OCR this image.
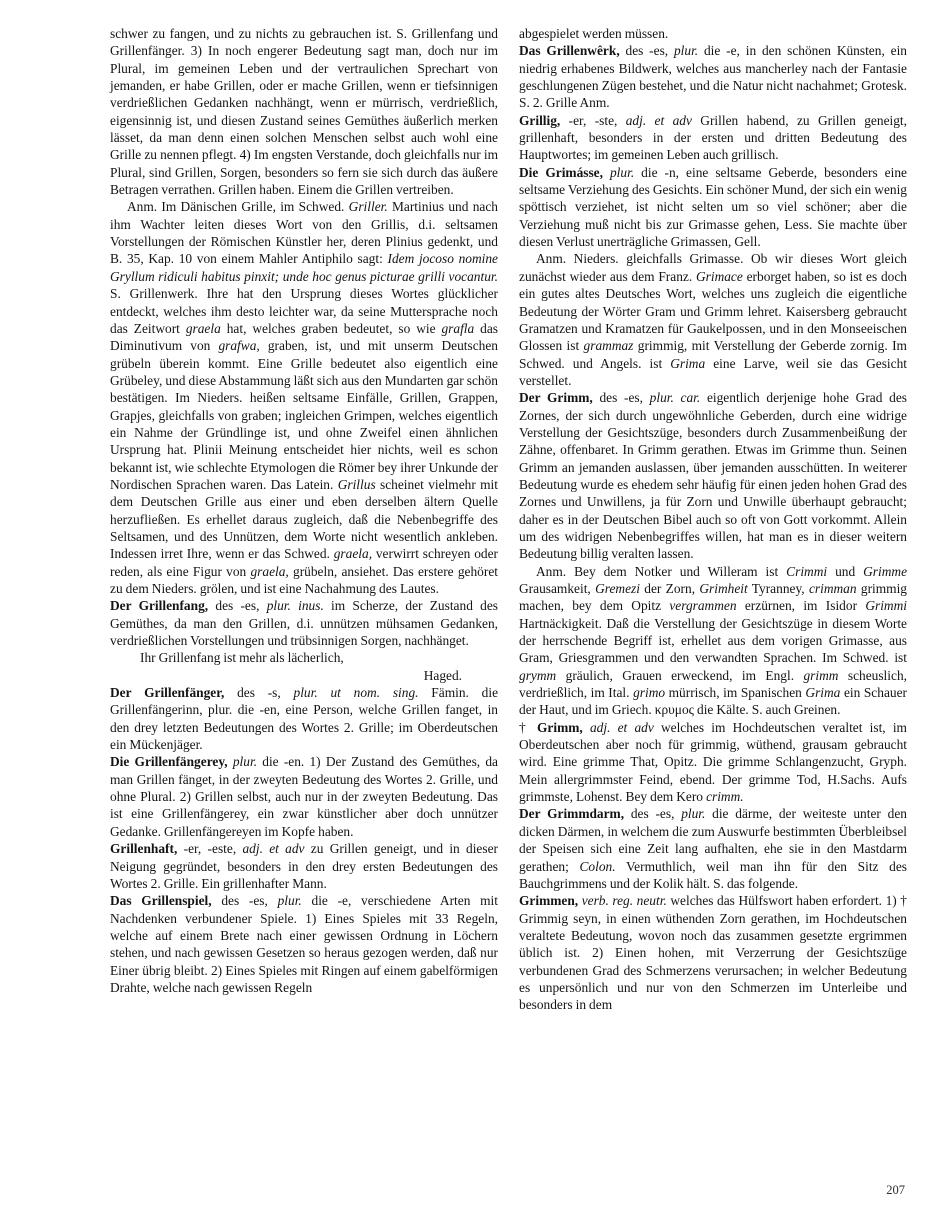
schwer zu fangen, und zu nichts zu gebrauchen ist. S. Grillenfang und Grillenfänger. 3) In noch engerer Bedeutung sagt man, doch nur im Plural, im gemeinen Leben und der vertraulichen Sprechart von jemanden, er habe Grillen, oder er mache Grillen, wenn er tiefsinnigen verdrießlichen Gedanken nachhängt, wenn er mürrisch, verdrießlich, eigensinnig ist, und diesen Zustand seines Gemüthes äußerlich merken lässet, da man denn einen solchen Menschen selbst auch wohl eine Grille zu nennen pflegt. 4) Im engsten Verstande, doch gleichfalls nur im Plural, sind Grillen, Sorgen, besonders so fern sie sich durch das äußere Betragen verrathen. Grillen haben. Einem die Grillen vertreiben.

Anm. Im Dänischen Grille, im Schwed. Griller. Martinius und nach ihm Wachter leiten dieses Wort von den Grillis, d.i. seltsamen Vorstellungen der Römischen Künstler her, deren Plinius gedenkt, und B. 35, Kap. 10 von einem Mahler Antiphilo sagt: Idem jocoso nomine Gryllum ridiculi habitus pinxit; unde hoc genus picturae grilli vocantur. S. Grillenwerk. Ihre hat den Ursprung dieses Wortes glücklicher entdeckt, welches ihm desto leichter war, da seine Muttersprache noch das Zeitwort graela hat, welches graben bedeutet, so wie grafla das Diminutivum von grafwa, graben, ist, und mit unserm Deutschen grübeln überein kommt. Eine Grille bedeutet also eigentlich eine Grübeley, und diese Abstammung läßt sich aus den Mundarten gar schön bestätigen. Im Nieders. heißen seltsame Einfälle, Grillen, Grappen, Grapjes, gleichfalls von graben; ingleichen Grimpen, welches eigentlich ein Nahme der Gründlinge ist, und ohne Zweifel einen ähnlichen Ursprung hat. Plinii Meinung entscheidet hier nichts, weil es schon bekannt ist, wie schlechte Etymologen die Römer bey ihrer Unkunde der Nordischen Sprachen waren. Das Latein. Grillus scheinet vielmehr mit dem Deutschen Grille aus einer und eben derselben ältern Quelle herzufließen. Es erhellet daraus zugleich, daß die Nebenbegriffe des Seltsamen, und des Unnützen, dem Worte nicht wesentlich ankleben. Indessen irret Ihre, wenn er das Schwed. graela, verwirrt schreyen oder reden, als eine Figur von graela, grübeln, ansiehet. Das erstere gehöret zu dem Nieders. grölen, und ist eine Nachahmung des Lautes.

Der Grillenfang, des -es, plur. inus. im Scherze, der Zustand des Gemüthes, da man den Grillen, d.i. unnützen mühsamen Gedanken, verdrießlichen Vorstellungen und trübsinnigen Sorgen, nachhänget.

Ihr Grillenfang ist mehr als lächerlich,

Haged.

Der Grillenfänger, des -s, plur. ut nom. sing. Fämin. die Grillenfängerinn, plur. die -en, eine Person, welche Grillen fanget, in den drey letzten Bedeutungen des Wortes 2. Grille; im Oberdeutschen ein Mückenjäger.

Die Grillenfängerey, plur. die -en. 1) Der Zustand des Gemüthes, da man Grillen fänget, in der zweyten Bedeutung des Wortes 2. Grille, und ohne Plural. 2) Grillen selbst, auch nur in der zweyten Bedeutung. Das ist eine Grillenfängerey, ein zwar künstlicher aber doch unnützer Gedanke. Grillenfängereyen im Kopfe haben.

Grillenhaft, -er, -este, adj. et adv zu Grillen geneigt, und in dieser Neigung gegründet, besonders in den drey ersten Bedeutungen des Wortes 2. Grille. Ein grillenhafter Mann.

Das Grillenspiel, des -es, plur. die -e, verschiedene Arten mit Nachdenken verbundener Spiele. 1) Eines Spieles mit 33 Regeln, welche auf einem Brete nach einer gewissen Ordnung in Löchern stehen, und nach gewissen Gesetzen so heraus gezogen werden, daß nur Einer übrig bleibt. 2) Eines Spieles mit Ringen auf einem gabelförmigen Drahte, welche nach gewissen Regeln

abgespielet werden müssen.

Das Grillenwêrk, des -es, plur. die -e, in den schönen Künsten, ein niedrig erhabenes Bildwerk, welches aus mancherley nach der Fantasie geschlungenen Zügen bestehet, und die Natur nicht nachahmet; Grotesk. S. 2. Grille Anm.

Grillig, -er, -ste, adj. et adv Grillen habend, zu Grillen geneigt, grillenhaft, besonders in der ersten und dritten Bedeutung des Hauptwortes; im gemeinen Leben auch grillisch.

Die Grimásse, plur. die -n, eine seltsame Geberde, besonders eine seltsame Verziehung des Gesichts. Ein schöner Mund, der sich ein wenig spöttisch verziehet, ist nicht selten um so viel schöner; aber die Verziehung muß nicht bis zur Grimasse gehen, Less. Sie machte über diesen Verlust unerträgliche Grimassen, Gell.

Anm. Nieders. gleichfalls Grimasse. Ob wir dieses Wort gleich zunächst wieder aus dem Franz. Grimace erborget haben, so ist es doch ein gutes altes Deutsches Wort, welches uns zugleich die eigentliche Bedeutung der Wörter Gram und Grimm lehret. Kaisersberg gebraucht Gramatzen und Kramatzen für Gaukelpossen, und in den Monseeischen Glossen ist grammaz grimmig, mit Verstellung der Geberde zornig. Im Schwed. und Angels. ist Grima eine Larve, weil sie das Gesicht verstellet.

Der Grimm, des -es, plur. car. eigentlich derjenige hohe Grad des Zornes, der sich durch ungewöhnliche Geberden, durch eine widrige Verstellung der Gesichtszüge, besonders durch Zusammenbeißung der Zähne, offenbaret. In Grimm gerathen. Etwas im Grimme thun. Seinen Grimm an jemanden auslassen, über jemanden ausschütten. In weiterer Bedeutung wurde es ehedem sehr häufig für einen jeden hohen Grad des Zornes und Unwillens, ja für Zorn und Unwille überhaupt gebraucht; daher es in der Deutschen Bibel auch so oft von Gott vorkommt. Allein um des widrigen Nebenbegriffes willen, hat man es in dieser weitern Bedeutung billig veralten lassen.

Anm. Bey dem Notker und Willeram ist Crimmi und Grimme Grausamkeit, Gremezi der Zorn, Grimheit Tyranney, crimman grimmig machen, bey dem Opitz vergrammen erzürnen, im Isidor Grimmi Hartnäckigkeit. Daß die Verstellung der Gesichtszüge in diesem Worte der herrschende Begriff ist, erhellet aus dem vorigen Grimasse, aus Gram, Griesgrammen und den verwandten Sprachen. Im Schwed. ist grymm gräulich, Grauen erweckend, im Engl. grimm scheuslich, verdrießlich, im Ital. grimo mürrisch, im Spanischen Grima ein Schauer der Haut, und im Griech. κρυμος die Kälte. S. auch Greinen.

† Grimm, adj. et adv welches im Hochdeutschen veraltet ist, im Oberdeutschen aber noch für grimmig, wüthend, grausam gebraucht wird. Eine grimme That, Opitz. Die grimme Schlangenzucht, Gryph. Mein allergrimmster Feind, ebend. Der grimme Tod, H.Sachs. Aufs grimmste, Lohenst. Bey dem Kero crimm.

Der Grimmdarm, des -es, plur. die därme, der weiteste unter den dicken Därmen, in welchem die zum Auswurfe bestimmten Überbleibsel der Speisen sich eine Zeit lang aufhalten, ehe sie in den Mastdarm gerathen; Colon. Vermuthlich, weil man ihn für den Sitz des Bauchgrimmens und der Kolik hält. S. das folgende.

Grimmen, verb. reg. neutr. welches das Hülfswort haben erfordert. 1) † Grimmig seyn, in einen wüthenden Zorn gerathen, im Hochdeutschen veraltete Bedeutung, wovon noch das zusammen gesetzte ergrimmen üblich ist. 2) Einen hohen, mit Verzerrung der Gesichtszüge verbundenen Grad des Schmerzens verursachen; in welcher Bedeutung es unpersönlich und nur von den Schmerzen im Unterleibe und besonders in dem

207
